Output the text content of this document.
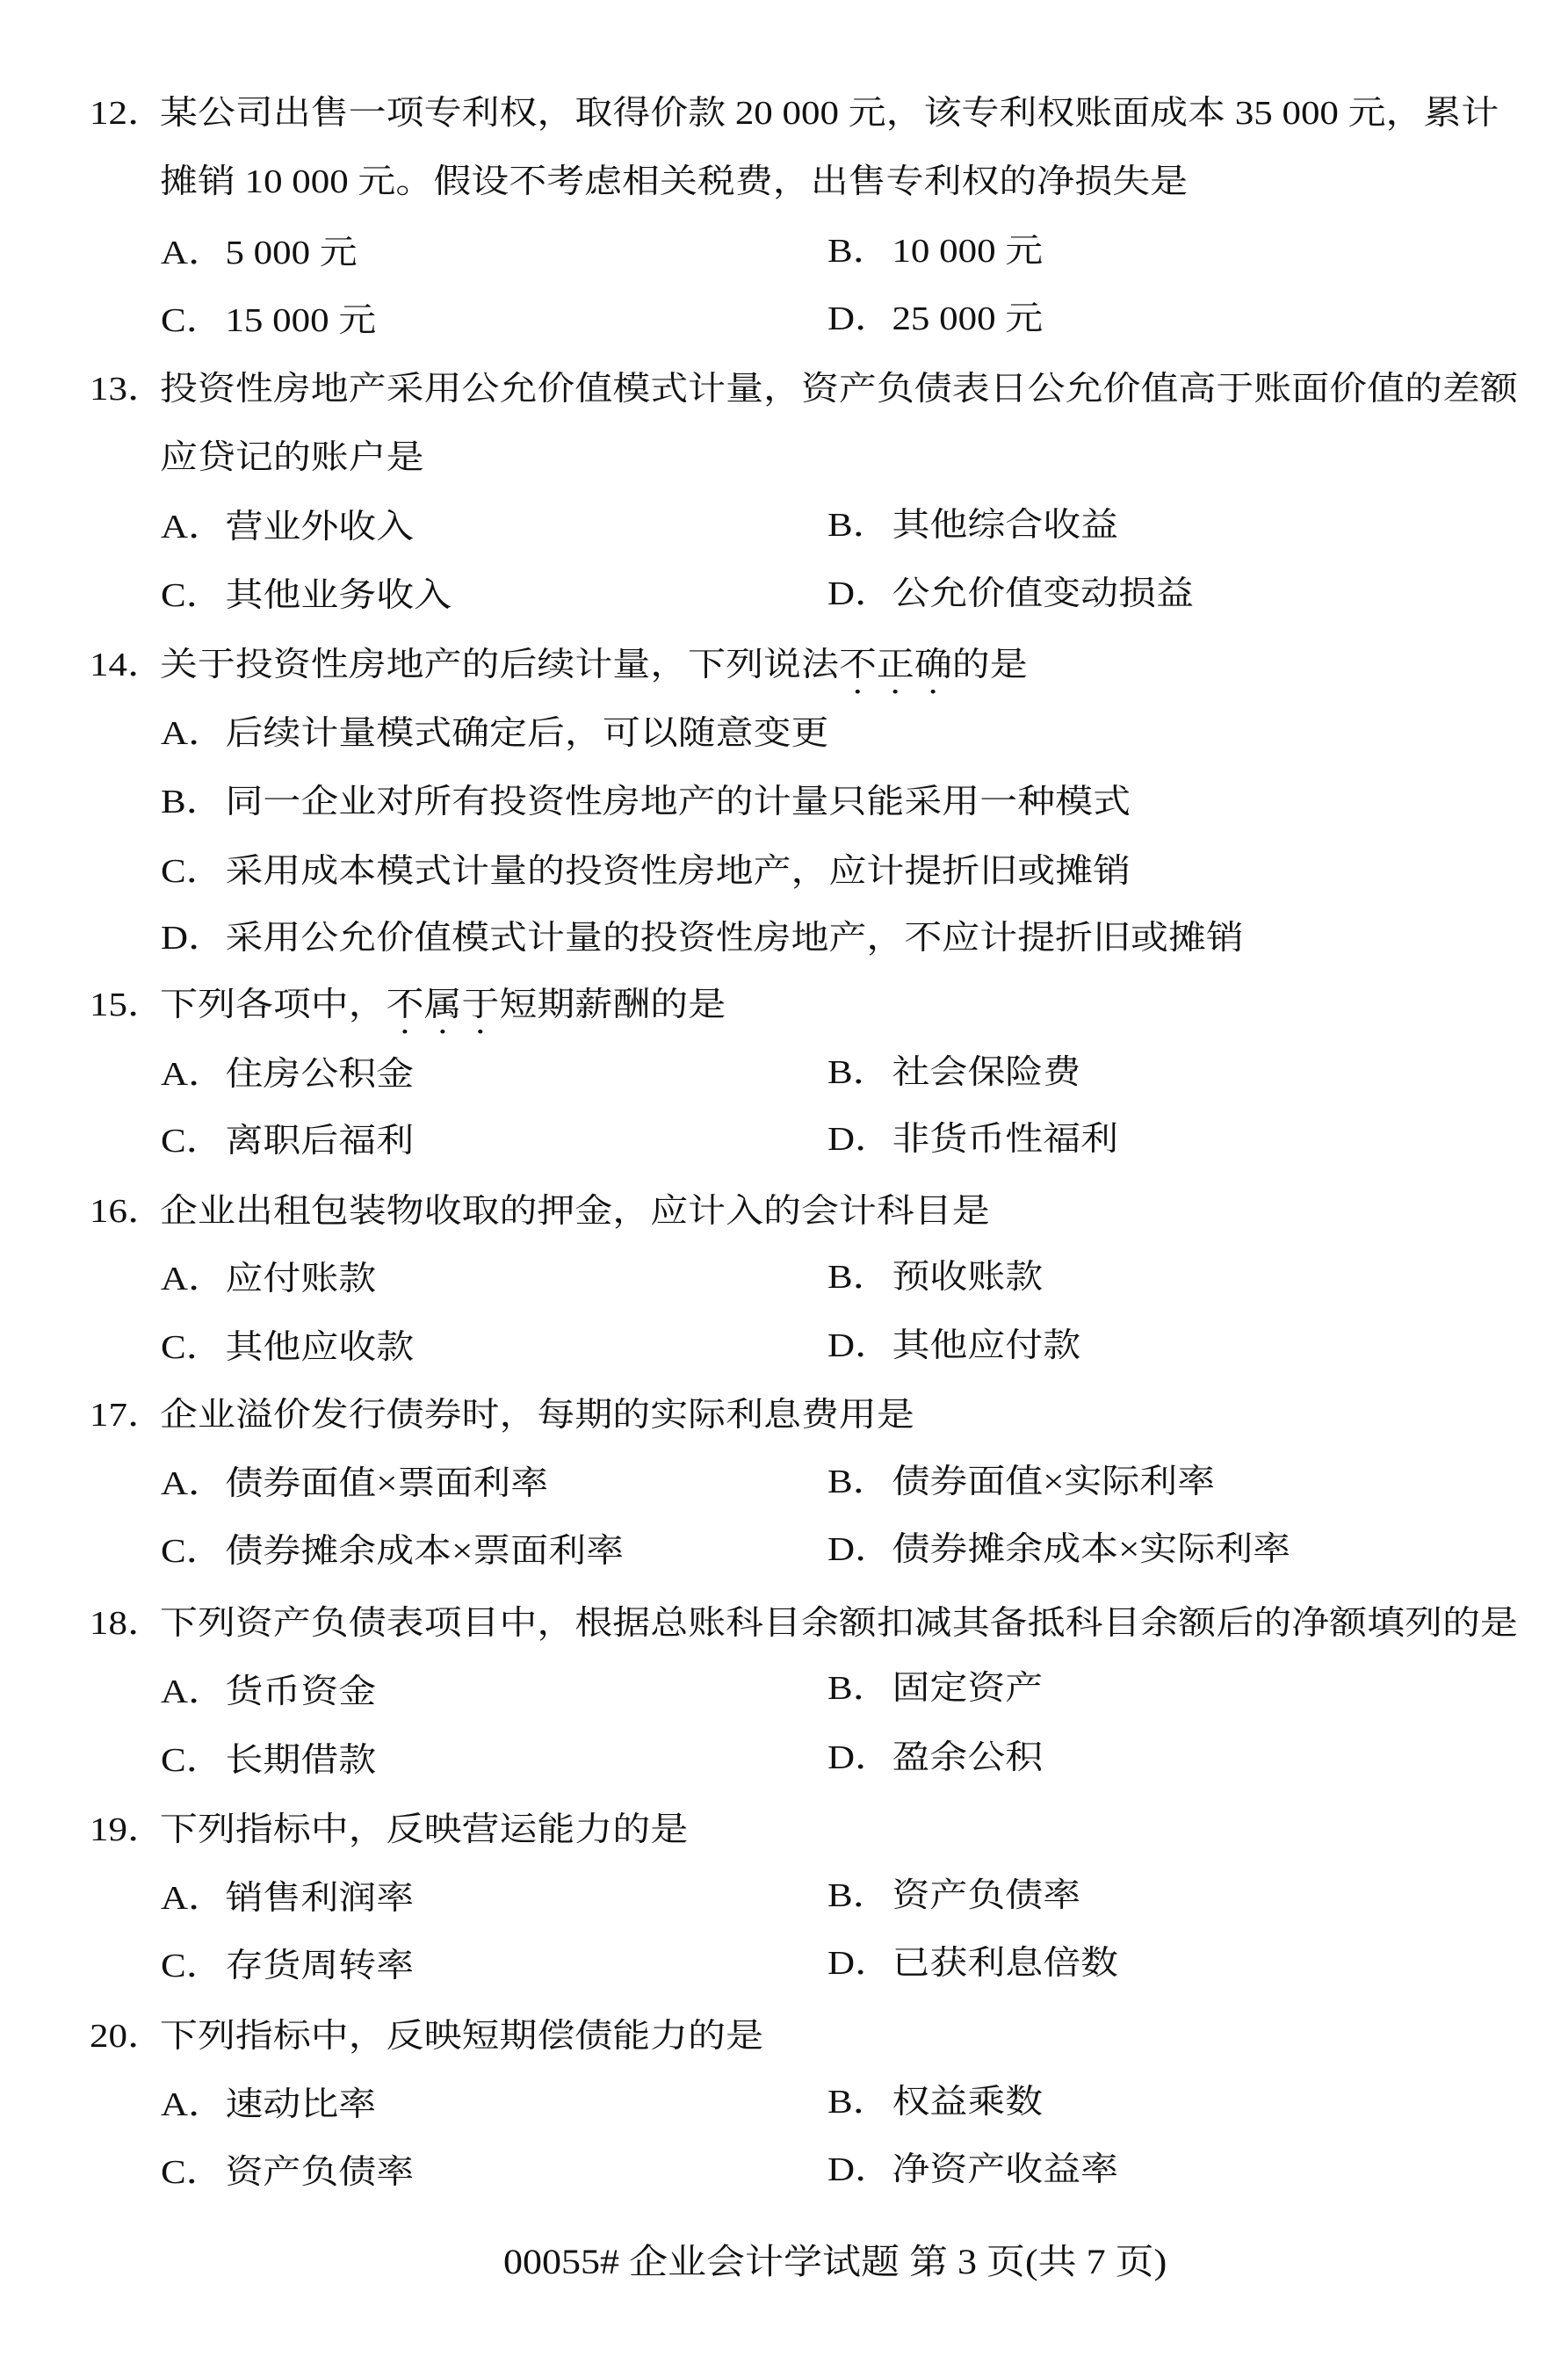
12．
某公司出售一项专利权，取得价款 20 000 元，该专利权账面成本 35 000 元，累计
摊销 10 000 元。假设不考虑相关税费，出售专利权的净损失是
A．5 000 元	B．10 000 元
C．15 000 元	D．25 000 元
13．
投资性房地产采用公允价值模式计量，资产负债表日公允价值高于账面价值的差额
应贷记的账户是
A．营业外收入	B．其他综合收益
C．其他业务收入	D．公允价值变动损益
14．
关于投资性房地产的后续计量，下列说法不正确的是
A．后续计量模式确定后，可以随意变更
B．同一企业对所有投资性房地产的计量只能采用一种模式
C．采用成本模式计量的投资性房地产，应计提折旧或摊销
D．采用公允价值模式计量的投资性房地产，不应计提折旧或摊销
15．
下列各项中，不属于短期薪酬的是
A．住房公积金	B．社会保险费
C．离职后福利	D．非货币性福利
16．
企业出租包装物收取的押金，应计入的会计科目是
A．应付账款	B．预收账款
C．其他应收款	D．其他应付款
17．
企业溢价发行债券时，每期的实际利息费用是
A．债券面值×票面利率	B．债券面值×实际利率
C．债券摊余成本×票面利率	D．债券摊余成本×实际利率
18．
下列资产负债表项目中，根据总账科目余额扣减其备抵科目余额后的净额填列的是
A．货币资金	B．固定资产
C．长期借款	D．盈余公积
19．
下列指标中，反映营运能力的是
A．销售利润率	B．资产负债率
C．存货周转率	D．已获利息倍数
20．
下列指标中，反映短期偿债能力的是
A．速动比率	B．权益乘数
C．资产负债率	D．净资产收益率
00055# 企业会计学试题 第 3 页(共 7 页)
